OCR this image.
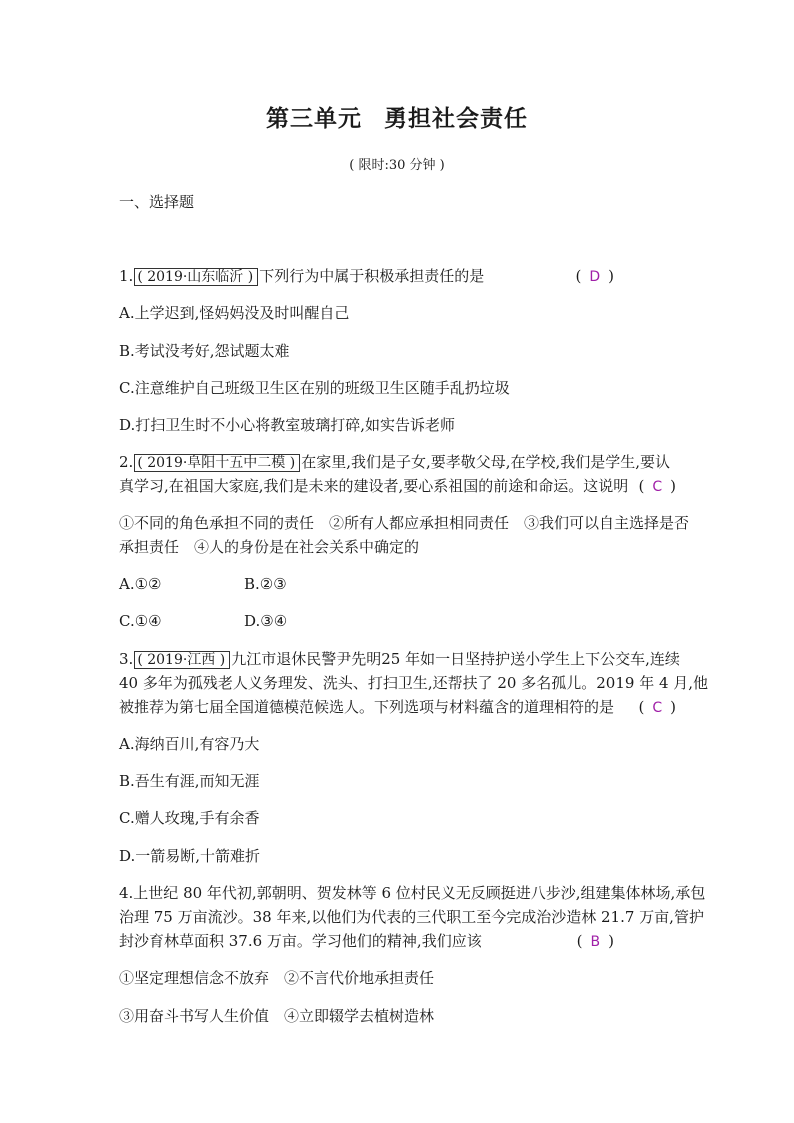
第三单元 勇担社会责任
( 限时:30 分钟 )
一、选择题
1. ( 2019·山东临沂 ) 下列行为中属于积极承担责任的是	( D )
A.上学迟到,怪妈妈没及时叫醒自己
B.考试没考好,怨试题太难
C.注意维护自己班级卫生区在别的班级卫生区随手乱扔垃圾
D.打扫卫生时不小心将教室玻璃打碎,如实告诉老师
2. ( 2019·阜阳十五中二模 ) 在家里,我们是子女,要孝敬父母,在学校,我们是学生,要认
真学习,在祖国大家庭,我们是未来的建设者,要心系祖国的前途和命运。这说明 ( C )
①不同的角色承担不同的责任　②所有人都应承担相同责任　③我们可以自主选择是否
承担责任　④人的身份是在社会关系中确定的
A.①②	B.②③
C.①④	D.③④
3. ( 2019·江西 ) 九江市退休民警尹先明25 年如一日坚持护送小学生上下公交车,连续
40 多年为孤残老人义务理发、洗头、打扫卫生,还帮扶了 20 多名孤儿。2019 年 4 月,他
被推荐为第七届全国道德模范候选人。下列选项与材料蕴含的道理相符的是 ( C )
A.海纳百川,有容乃大
B.吾生有涯,而知无涯
C.赠人玫瑰,手有余香
D.一箭易断,十箭难折
4.上世纪 80 年代初,郭朝明、贺发林等 6 位村民义无反顾挺进八步沙,组建集体林场,承包
治理 75 万亩流沙。38 年来,以他们为代表的三代职工至今完成治沙造林 21.7 万亩,管护
封沙育林草面积 37.6 万亩。学习他们的精神,我们应该	( B )
①坚定理想信念不放弃　②不言代价地承担责任
③用奋斗书写人生价值　④立即辍学去植树造林
